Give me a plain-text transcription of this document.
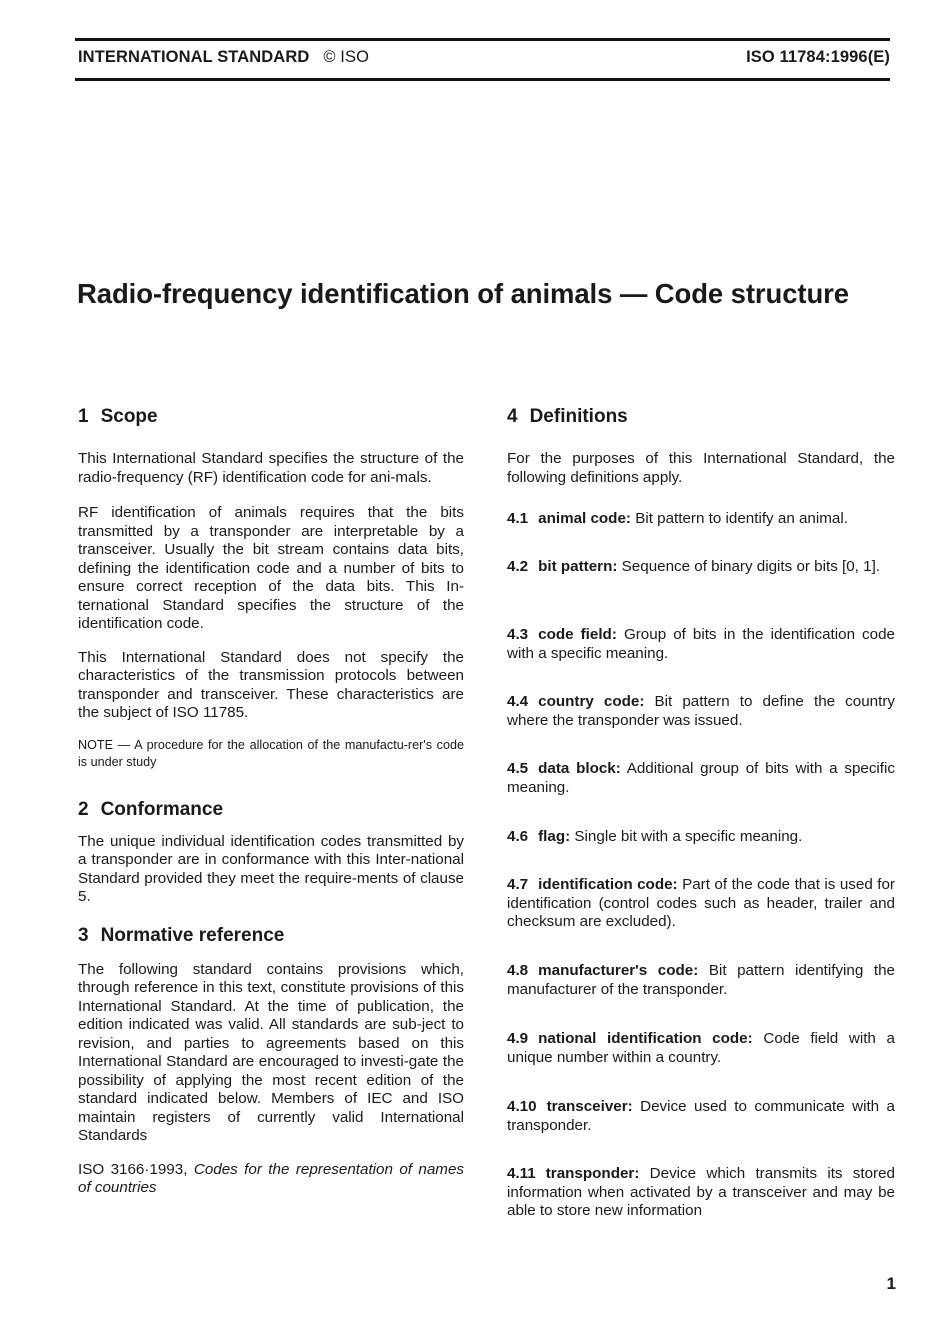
INTERNATIONAL STANDARD © ISO	ISO 11784:1996(E)
Radio-frequency identification of animals — Code structure
1 Scope

This International Standard specifies the structure of the radio-frequency (RF) identification code for ani-mals.

RF identification of animals requires that the bits transmitted by a transponder are interpretable by a transceiver. Usually the bit stream contains data bits, defining the identification code and a number of bits to ensure correct reception of the data bits. This In-ternational Standard specifies the structure of the identification code.

This International Standard does not specify the characteristics of the transmission protocols between transponder and transceiver. These characteristics are the subject of ISO 11785.

NOTE — A procedure for the allocation of the manufactu-rer's code is under study

2 Conformance

The unique individual identification codes transmitted by a transponder are in conformance with this Inter-national Standard provided they meet the require-ments of clause 5.

3 Normative reference

The following standard contains provisions which, through reference in this text, constitute provisions of this International Standard. At the time of publication, the edition indicated was valid. All standards are sub-ject to revision, and parties to agreements based on this International Standard are encouraged to investi-gate the possibility of applying the most recent edition of the standard indicated below. Members of IEC and ISO maintain registers of currently valid International Standards

ISO 3166·1993, Codes for the representation of names of countries

4 Definitions

For the purposes of this International Standard, the following definitions apply.

4.1 animal code: Bit pattern to identify an animal.

4.2 bit pattern: Sequence of binary digits or bits [0, 1].

4.3 code field: Group of bits in the identification code with a specific meaning.

4.4 country code: Bit pattern to define the country where the transponder was issued.

4.5 data block: Additional group of bits with a specific meaning.

4.6 flag: Single bit with a specific meaning.

4.7 identification code: Part of the code that is used for identification (control codes such as header, trailer and checksum are excluded).

4.8 manufacturer's code: Bit pattern identifying the manufacturer of the transponder.

4.9 national identification code: Code field with a unique number within a country.

4.10 transceiver: Device used to communicate with a transponder.

4.11 transponder: Device which transmits its stored information when activated by a transceiver and may be able to store new information

1
